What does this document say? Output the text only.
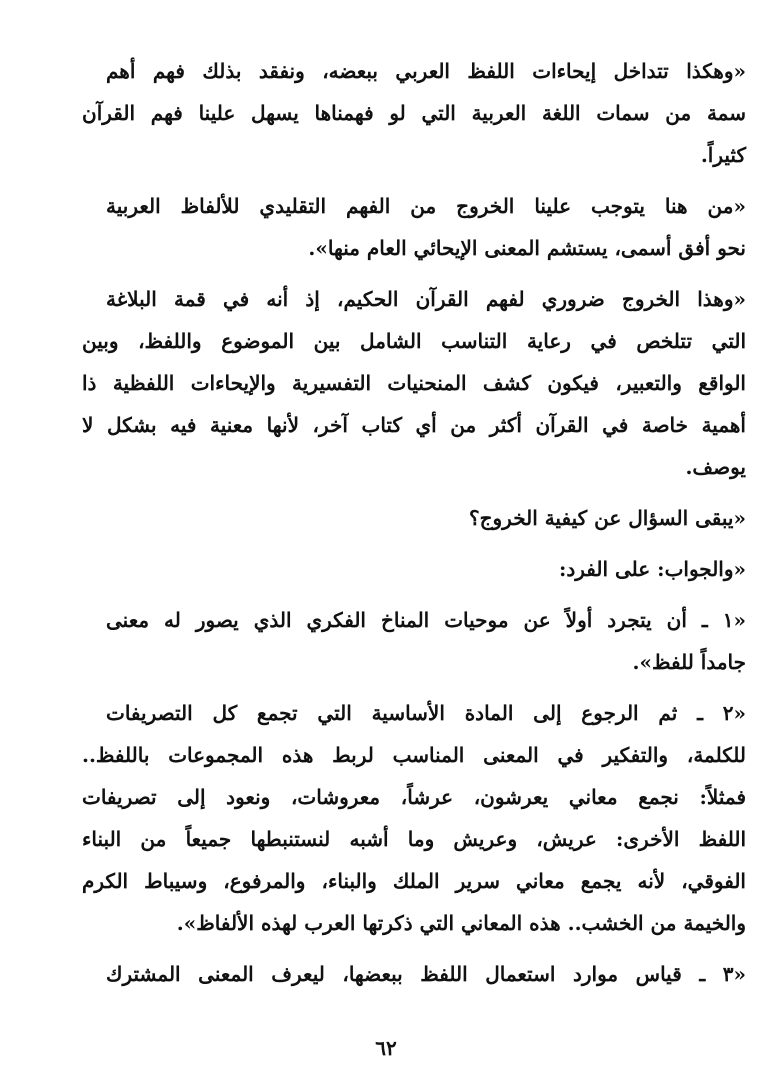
«وهكذا تتداخل إيحاءات اللفظ العربي ببعضه، ونفقد بذلك فهم أهم
سمة من سمات اللغة العربية التي لو فهمناها يسهل علينا فهم القرآن
كثيراً.
«من هنا يتوجب علينا الخروج من الفهم التقليدي للألفاظ العربية
نحو أفق أسمى، يستشم المعنى الإيحائي العام منها».
«وهذا الخروج ضروري لفهم القرآن الحكيم، إذ أنه في قمة البلاغة
التي تتلخص في رعاية التناسب الشامل بين الموضوع واللفظ، وبين
الواقع والتعبير، فيكون كشف المنحنيات التفسيرية والإيحاءات اللفظية ذا
أهمية خاصة في القرآن أكثر من أي كتاب آخر، لأنها معنية فيه بشكل لا
يوصف.
«يبقى السؤال عن كيفية الخروج؟
«والجواب: على الفرد:
«١ ـ أن يتجرد أولاً عن موحيات المناخ الفكري الذي يصور له معنى
جامداً للفظ».
«٢ ـ ثم الرجوع إلى المادة الأساسية التي تجمع كل التصريفات
للكلمة، والتفكير في المعنى المناسب لربط هذه المجموعات باللفظ..
فمثلاً: نجمع معاني يعرشون، عرشاً، معروشات، ونعود إلى تصريفات
اللفظ الأخرى: عريش، وعريش وما أشبه لنستنبطها جميعاً من البناء
الفوقي، لأنه يجمع معاني سرير الملك والبناء، والمرفوع، وسيباط الكرم
والخيمة من الخشب.. هذه المعاني التي ذكرتها العرب لهذه الألفاظ».
«٣ ـ قياس موارد استعمال اللفظ ببعضها، ليعرف المعنى المشترك
٦٢
